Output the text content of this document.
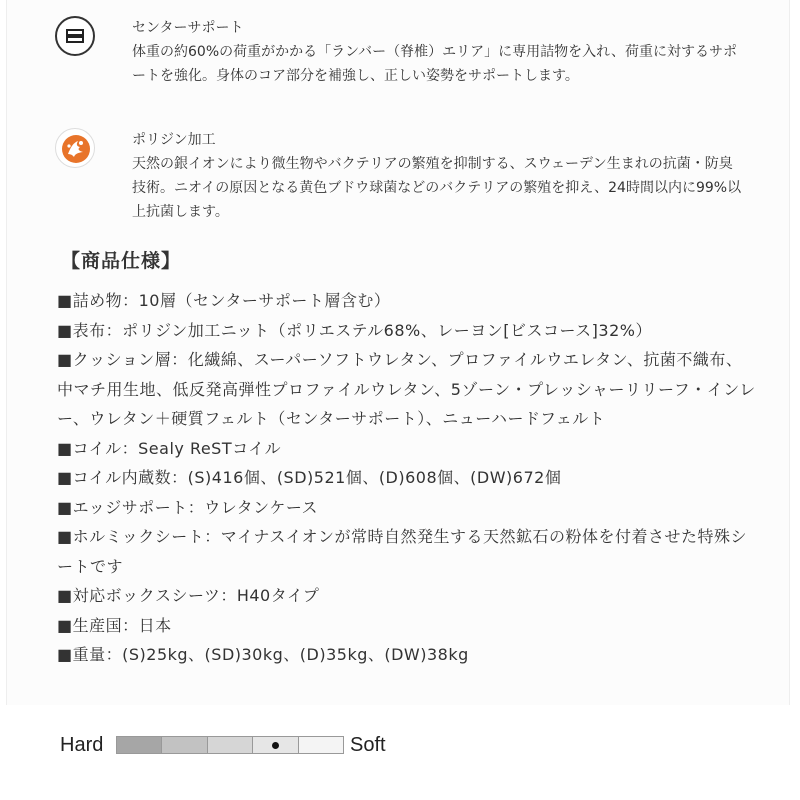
センターサポート
体重の約60%の荷重がかかる「ランバー（脊椎）エリア」に専用詰物を入れ、荷重に対するサポートを強化。身体のコア部分を補強し、正しい姿勢をサポートします。
ポリジン加工
天然の銀イオンにより微生物やバクテリアの繁殖を抑制する、スウェーデン生まれの抗菌・防臭技術。ニオイの原因となる黄色ブドウ球菌などのバクテリアの繁殖を抑え、24時間以内に99%以上抗菌します。
【商品仕様】
■詰め物：10層（センターサポート層含む）
■表布：ポリジン加工ニット（ポリエステル68%、レーヨン[ビスコース]32%）
■クッション層：化繊綿、スーパーソフトウレタン、プロファイルウエレタン、抗菌不織布、中マチ用生地、低反発高弾性プロファイルウレタン、5ゾーン・プレッシャーリリーフ・インレー、ウレタン＋硬質フェルト（センターサポート）、ニューハードフェルト
■コイル：Sealy ReSTコイル
■コイル内蔵数：(S)416個、(SD)521個、(D)608個、(DW)672個
■エッジサポート：ウレタンケース
■ホルミックシート：マイナスイオンが常時自然発生する天然鉱石の粉体を付着させた特殊シートです
■対応ボックスシーツ：H40タイプ
■生産国：日本
■重量：(S)25kg、(SD)30kg、(D)35kg、(DW)38kg
Hard	Soft
